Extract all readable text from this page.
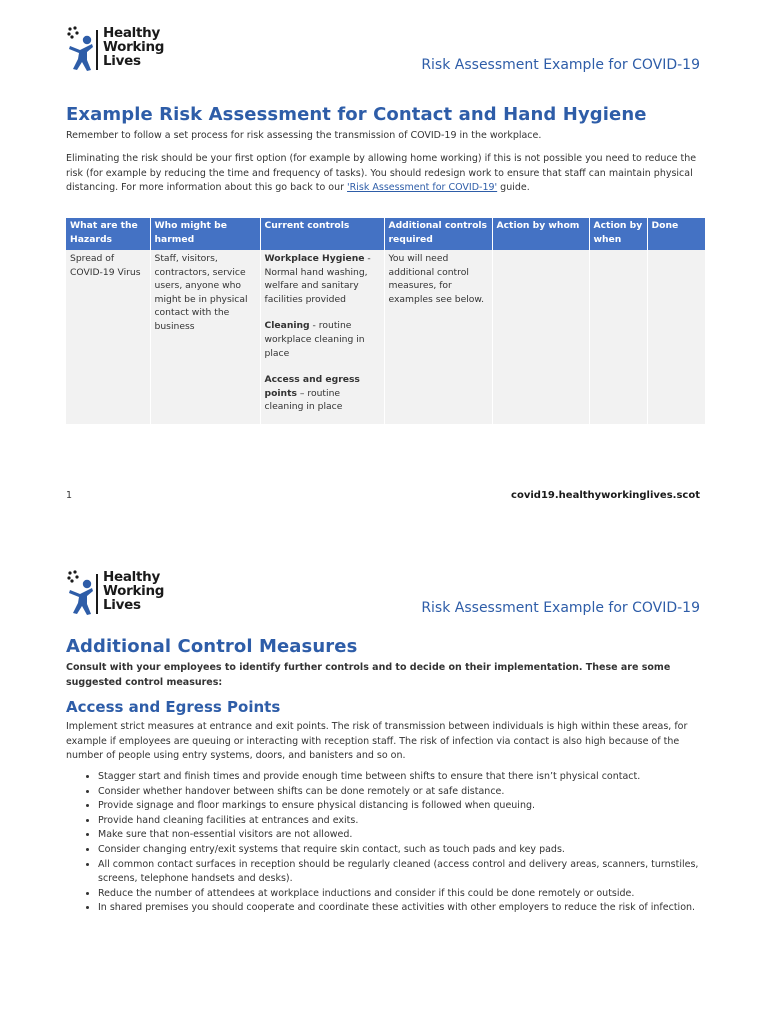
Healthy
Working
Lives	Risk Assessment Example for COVID-19
Example Risk Assessment for Contact and Hand Hygiene

Remember to follow a set process for risk assessing the transmission of COVID-19 in the workplace.

Eliminating the risk should be your first option (for example by allowing home working) if this is not possible you need to reduce the risk (for example by reducing the time and frequency of tasks). You should redesign work to ensure that staff can maintain physical distancing. For more information about this go back to our 'Risk Assessment for COVID-19' guide.

What are the Hazards	Who might be harmed	Current controls	Additional controls required	Action by whom	Action by when	Done
Spread of COVID-19 Virus	Staff, visitors, contractors, service users, anyone who might be in physical contact with the business	Workplace Hygiene - Normal hand washing, welfare and sanitary facilities provided
Cleaning - routine workplace cleaning in place
Access and egress points – routine cleaning in place	You will need additional control measures, for examples see below.			
1	covid19.healthyworkinglives.scot
Healthy
Working
Lives	Risk Assessment Example for COVID-19
Additional Control Measures

Consult with your employees to identify further controls and to decide on their implementation. These are some suggested control measures:

Access and Egress Points

Implement strict measures at entrance and exit points. The risk of transmission between individuals is high within these areas, for example if employees are queuing or interacting with reception staff. The risk of infection via contact is also high because of the number of people using entry systems, doors, and banisters and so on.

• Stagger start and finish times and provide enough time between shifts to ensure that there isn’t physical contact.
• Consider whether handover between shifts can be done remotely or at safe distance.
• Provide signage and floor markings to ensure physical distancing is followed when queuing.
• Provide hand cleaning facilities at entrances and exits.
• Make sure that non-essential visitors are not allowed.
• Consider changing entry/exit systems that require skin contact, such as touch pads and key pads.
• All common contact surfaces in reception should be regularly cleaned (access control and delivery areas, scanners, turnstiles, screens, telephone handsets and desks).
• Reduce the number of attendees at workplace inductions and consider if this could be done remotely or outside.
• In shared premises you should cooperate and coordinate these activities with other employers to reduce the risk of infection.
